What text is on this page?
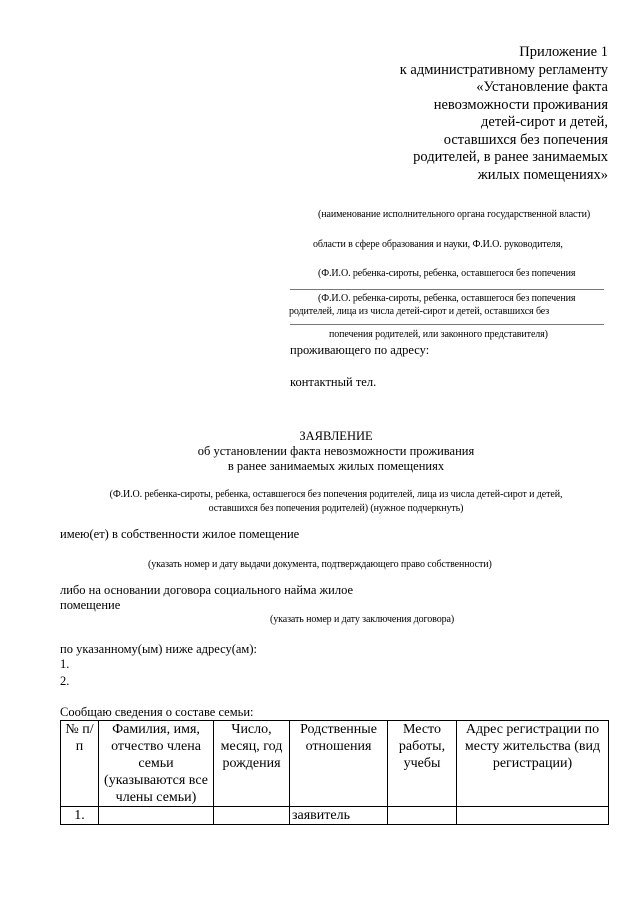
Приложение 1
к административному регламенту
«Установление факта
невозможности проживания
детей-сирот и детей,
оставшихся без попечения
родителей, в ранее занимаемых
жилых помещениях»
(наименование исполнительного органа государственной власти)
области в сфере образования и науки, Ф.И.О. руководителя,
(Ф.И.О. ребенка-сироты, ребенка, оставшегося без попечения
(Ф.И.О. ребенка-сироты, ребенка, оставшегося без попечения
родителей, лица из числа детей-сирот и детей, оставшихся без
попечения родителей, или законного представителя)
проживающего по адресу:
контактный тел.
ЗАЯВЛЕНИЕ
об установлении факта невозможности проживания
в ранее занимаемых жилых помещениях
(Ф.И.О. ребенка-сироты, ребенка, оставшегося без попечения родителей, лица из числа детей-сирот и детей,
оставшихся без попечения родителей) (нужное подчеркнуть)
имею(ет) в собственности жилое помещение
(указать номер и дату выдачи документа, подтверждающего право собственности)
либо на основании договора социального найма жилое
помещение
(указать номер и дату заключения договора)
по указанному(ым) ниже адресу(ам):
1.
2.
Сообщаю сведения о составе семьи:
№ п/п	Фамилия, имя, отчество члена семьи (указываются все члены семьи)	Число, месяц, год рождения	Родственные отношения	Место работы, учебы	Адрес регистрации по месту жительства (вид регистрации)
1.			заявитель		
